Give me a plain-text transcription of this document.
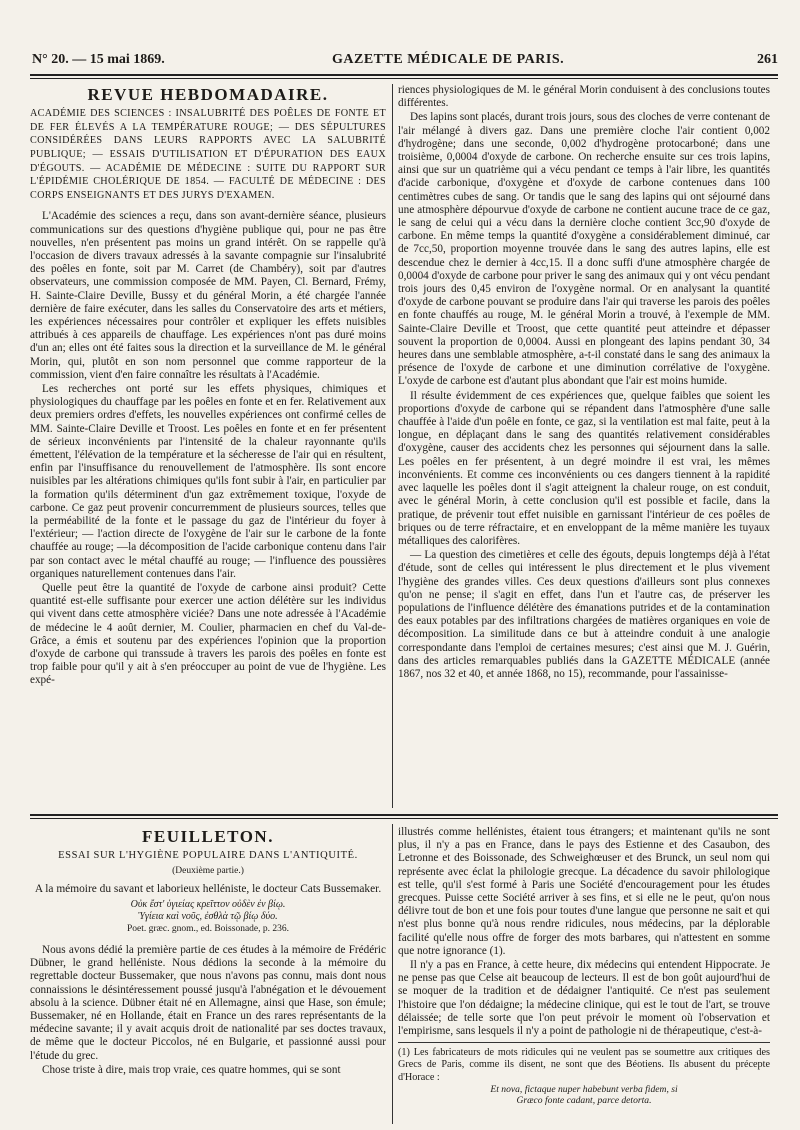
N° 20. — 15 mai 1869.	GAZETTE MÉDICALE DE PARIS.	261
REVUE HEBDOMADAIRE.
ACADÉMIE DES SCIENCES : INSALUBRITÉ DES POÊLES DE FONTE ET DE FER ÉLEVÉS A LA TEMPÉRATURE ROUGE; — DES SÉPULTURES CONSIDÉRÉES DANS LEURS RAPPORTS AVEC LA SALUBRITÉ PUBLIQUE; — ESSAIS D'UTILISATION ET D'ÉPURATION DES EAUX D'ÉGOUTS. — ACADÉMIE DE MÉDECINE : SUITE DU RAPPORT SUR L'ÉPIDÉMIE CHOLÉRIQUE DE 1854. — FACULTÉ DE MÉDECINE : DES CORPS ENSEIGNANTS ET DES JURYS D'EXAMEN.

L'Académie des sciences a reçu, dans son avant-dernière séance, plusieurs communications sur des questions d'hygiène publique qui, pour ne pas être nouvelles, n'en présentent pas moins un grand intérêt. On se rappelle qu'à l'occasion de divers travaux adressés à la savante compagnie sur l'insalubrité des poêles en fonte, soit par M. Carret (de Chambéry), soit par d'autres observateurs, une commission composée de MM. Payen, Cl. Bernard, Frémy, H. Sainte-Claire Deville, Bussy et du général Morin, a été chargée l'année dernière de faire exécuter, dans les salles du Conservatoire des arts et métiers, les expériences nécessaires pour contrôler et expliquer les effets nuisibles attribués à ces appareils de chauffage. Les expériences n'ont pas duré moins d'un an; elles ont été faites sous la direction et la surveillance de M. le général Morin, qui, plutôt en son nom personnel que comme rapporteur de la commission, vient d'en faire connaître les résultats à l'Académie.

Les recherches ont porté sur les effets physiques, chimiques et physiologiques du chauffage par les poêles en fonte et en fer. Relativement aux deux premiers ordres d'effets, les nouvelles expériences ont confirmé celles de MM. Sainte-Claire Deville et Troost. Les poêles en fonte et en fer présentent de sérieux inconvénients par l'intensité de la chaleur rayonnante qu'ils émettent, l'élévation de la température et la sécheresse de l'air qui en résultent, enfin par l'insuffisance du renouvellement de l'atmosphère. Ils sont encore nuisibles par les altérations chimiques qu'ils font subir à l'air, en particulier par la formation qu'ils déterminent d'un gaz extrêmement toxique, l'oxyde de carbone. Ce gaz peut provenir concurremment de plusieurs sources, telles que la perméabilité de la fonte et le passage du gaz de l'intérieur du foyer à l'extérieur; — l'action directe de l'oxygène de l'air sur le carbone de la fonte chauffée au rouge; —la décomposition de l'acide carbonique contenu dans l'air par son contact avec le métal chauffé au rouge; — l'influence des poussières organiques naturellement contenues dans l'air.

Quelle peut être la quantité de l'oxyde de carbone ainsi produit? Cette quantité est-elle suffisante pour exercer une action délétère sur les individus qui vivent dans cette atmosphère viciée? Dans une note adressée à l'Académie de médecine le 4 août dernier, M. Coulier, pharmacien en chef du Val-de-Grâce, a émis et soutenu par des expériences l'opinion que la proportion d'oxyde de carbone qui transsude à travers les parois des poêles en fonte est trop faible pour qu'il y ait à s'en préoccuper au point de vue de l'hygiène. Les expé-

riences physiologiques de M. le général Morin conduisent à des conclusions toutes différentes.

Des lapins sont placés, durant trois jours, sous des cloches de verre contenant de l'air mélangé à divers gaz. Dans une première cloche l'air contient 0,002 d'hydrogène; dans une seconde, 0,002 d'hydrogène protocarboné; dans une troisième, 0,0004 d'oxyde de carbone. On recherche ensuite sur ces trois lapins, ainsi que sur un quatrième qui a vécu pendant ce temps à l'air libre, les quantités d'acide carbonique, d'oxygène et d'oxyde de carbone contenues dans 100 centimètres cubes de sang. Or tandis que le sang des lapins qui ont séjourné dans une atmosphère dépourvue d'oxyde de carbone ne contient aucune trace de ce gaz, le sang de celui qui a vécu dans la dernière cloche contient 3cc,90 d'oxyde de carbone. En même temps la quantité d'oxygène a considérablement diminué, car de 7cc,50, proportion moyenne trouvée dans le sang des autres lapins, elle est descendue chez le dernier à 4cc,15. Il a donc suffi d'une atmosphère chargée de 0,0004 d'oxyde de carbone pour priver le sang des animaux qui y ont vécu pendant trois jours des 0,45 environ de l'oxygène normal. Or en analysant la quantité d'oxyde de carbone pouvant se produire dans l'air qui traverse les parois des poêles en fonte chauffés au rouge, M. le général Morin a trouvé, à l'exemple de MM. Sainte-Claire Deville et Troost, que cette quantité peut atteindre et dépasser souvent la proportion de 0,0004. Aussi en plongeant des lapins pendant 30, 34 heures dans une semblable atmosphère, a-t-il constaté dans le sang des animaux la présence de l'oxyde de carbone et une diminution corrélative de l'oxygène. L'oxyde de carbone est d'autant plus abondant que l'air est moins humide.

Il résulte évidemment de ces expériences que, quelque faibles que soient les proportions d'oxyde de carbone qui se répandent dans l'atmosphère d'une salle chauffée à l'aide d'un poêle en fonte, ce gaz, si la ventilation est mal faite, peut à la longue, en déplaçant dans le sang des quantités relativement considérables d'oxygène, causer des accidents chez les personnes qui séjournent dans la salle. Les poêles en fer présentent, à un degré moindre il est vrai, les mêmes inconvénients. Et comme ces inconvénients ou ces dangers tiennent à la rapidité avec laquelle les poêles dont il s'agit atteignent la chaleur rouge, on est conduit, avec le général Morin, à cette conclusion qu'il est possible et facile, dans la pratique, de prévenir tout effet nuisible en garnissant l'intérieur de ces poêles de briques ou de terre réfractaire, et en enveloppant de la même manière les tuyaux métalliques des calorifères.

— La question des cimetières et celle des égouts, depuis longtemps déjà à l'état d'étude, sont de celles qui intéressent le plus directement et le plus vivement l'hygiène des grandes villes. Ces deux questions d'ailleurs sont plus connexes qu'on ne pense; il s'agit en effet, dans l'un et l'autre cas, de préserver les populations de l'influence délétère des émanations putrides et de la contamination des eaux potables par des infiltrations chargées de matières organiques en voie de décomposition. La similitude dans ce but à atteindre conduit à une analogie correspondante dans l'emploi de certaines mesures; c'est ainsi que M. J. Guérin, dans des articles remarquables publiés dans la GAZETTE MÉDICALE (année 1867, nos 32 et 40, et année 1868, no 15), recommande, pour l'assainisse-

FEUILLETON.
ESSAI SUR L'HYGIÈNE POPULAIRE DANS L'ANTIQUITÉ.
(Deuxième partie.)
A la mémoire du savant et laborieux helléniste, le docteur Cats Bussemaker.
Οὐκ ἔστ' ὑγιείας κρεῖττον οὐδὲν ἐν βίῳ.
Ὑγίεια καὶ νοῦς, ἐσθλὰ τῷ βίῳ δύο.
Poet. græc. gnom., ed. Boissonade, p. 236.

Nous avons dédié la première partie de ces études à la mémoire de Frédéric Dübner, le grand helléniste. Nous dédions la seconde à la mémoire du regrettable docteur Bussemaker, que nous n'avons pas connu, mais dont nous connaissions le désintéressement poussé jusqu'à l'abnégation et le dévouement absolu à la science. Dübner était né en Allemagne, ainsi que Hase, son émule; Bussemaker, né en Hollande, était en France un des rares représentants de la médecine savante; il y avait acquis droit de nationalité par ses doctes travaux, de même que le docteur Piccolos, né en Bulgarie, et passionné aussi pour l'étude du grec.

Chose triste à dire, mais trop vraie, ces quatre hommes, qui se sont

illustrés comme hellénistes, étaient tous étrangers; et maintenant qu'ils ne sont plus, il n'y a pas en France, dans le pays des Estienne et des Casaubon, des Letronne et des Boissonade, des Schweighœuser et des Brunck, un seul nom qui représente avec éclat la philologie grecque. La décadence du savoir philologique est telle, qu'il s'est formé à Paris une Société d'encouragement pour les études grecques. Puisse cette Société arriver à ses fins, et si elle ne le peut, qu'on nous délivre tout de bon et une fois pour toutes d'une langue que personne ne sait et qui n'est plus bonne qu'à nous rendre ridicules, nous médecins, par la déplorable facilité qu'elle nous offre de forger des mots barbares, qui n'attestent en somme que notre ignorance (1).

Il n'y a pas en France, à cette heure, dix médecins qui entendent Hippocrate. Je ne pense pas que Celse ait beaucoup de lecteurs. Il est de bon goût aujourd'hui de se moquer de la tradition et de dédaigner l'antiquité. Ce n'est pas seulement l'histoire que l'on dédaigne; la médecine clinique, qui est le tout de l'art, se trouve délaissée; de telle sorte que l'on peut prévoir le moment où l'observation et l'empirisme, sans lesquels il n'y a point de pathologie ni de thérapeutique, c'est-à-

(1) Les fabricateurs de mots ridicules qui ne veulent pas se soumettre aux critiques des Grecs de Paris, comme ils disent, ne sont que des Béotiens. Ils abusent du précepte d'Horace :
Et nova, fictaque nuper habebunt verba fidem, si
Græco fonte cadant, parce detorta.
